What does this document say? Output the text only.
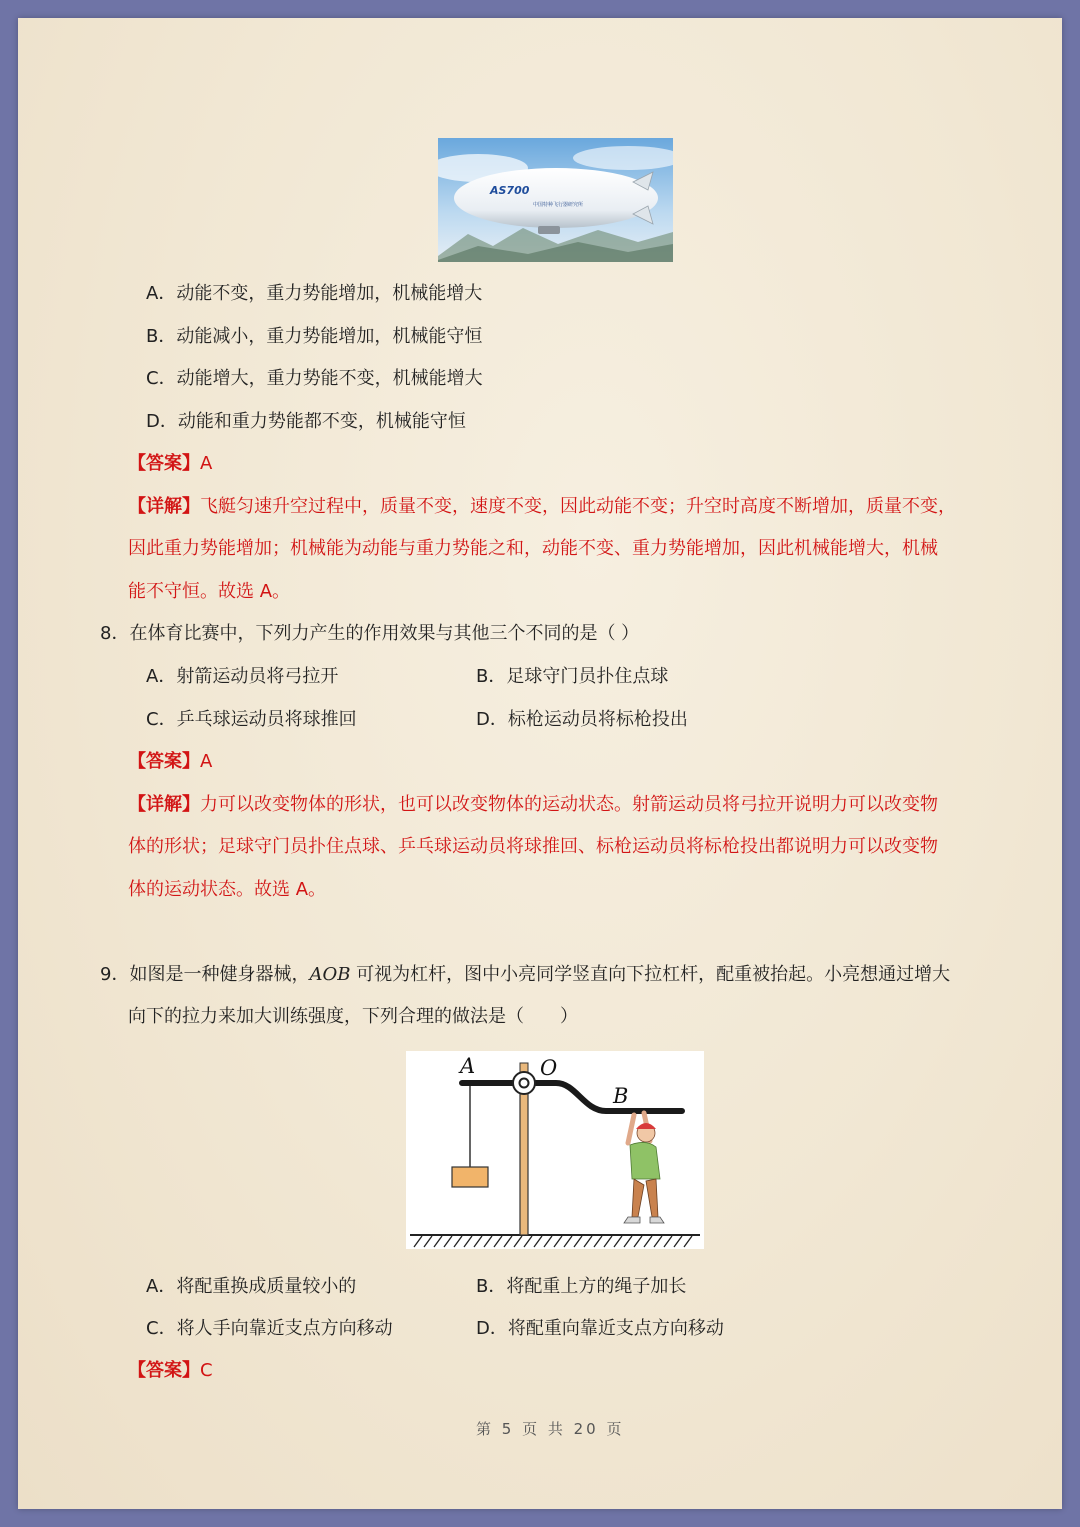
AS700
中国特种飞行器研究所
A．动能不变，重力势能增加，机械能增大
B．动能减小，重力势能增加，机械能守恒
C．动能增大，重力势能不变，机械能增大
D．动能和重力势能都不变，机械能守恒
【答案】A
【详解】飞艇匀速升空过程中，质量不变，速度不变，因此动能不变；升空时高度不断增加，质量不变，
因此重力势能增加；机械能为动能与重力势能之和，动能不变、重力势能增加，因此机械能增大，机械
能不守恒。故选 A。
8．在体育比赛中，下列力产生的作用效果与其他三个不同的是（ ）
A．射箭运动员将弓拉开	B．足球守门员扑住点球
C．乒乓球运动员将球推回	D．标枪运动员将标枪投出
【答案】A
【详解】力可以改变物体的形状，也可以改变物体的运动状态。射箭运动员将弓拉开说明力可以改变物
体的形状；足球守门员扑住点球、乒乓球运动员将球推回、标枪运动员将标枪投出都说明力可以改变物
体的运动状态。故选 A。
9．如图是一种健身器械，AOB 可视为杠杆，图中小亮同学竖直向下拉杠杆，配重被抬起。小亮想通过增大
向下的拉力来加大训练强度，下列合理的做法是（　　）
A	O
B
A．将配重换成质量较小的	B．将配重上方的绳子加长
C．将人手向靠近支点方向移动	D．将配重向靠近支点方向移动
【答案】C
第 5 页 共 20 页
